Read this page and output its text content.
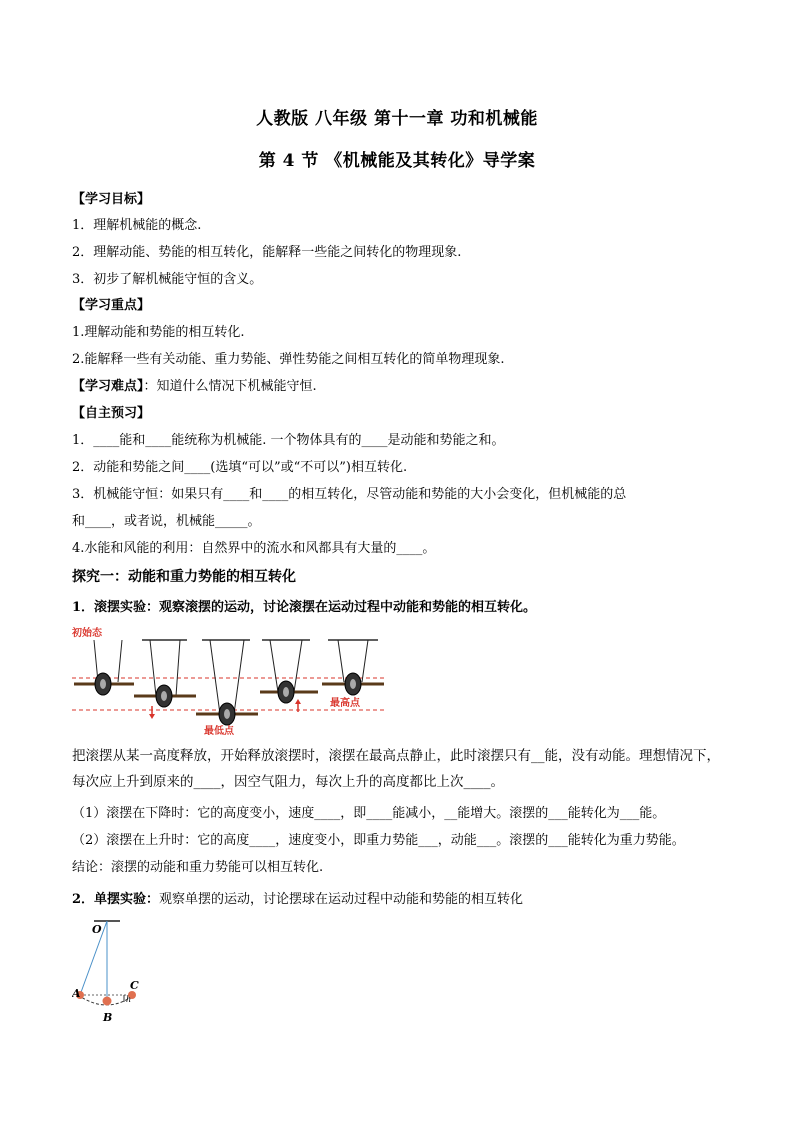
人教版 八年级 第十一章 功和机械能
第 4 节 《机械能及其转化》导学案
【学习目标】
1．理解机械能的概念.
2．理解动能、势能的相互转化，能解释一些能之间转化的物理现象.
3．初步了解机械能守恒的含义。
【学习重点】
1.理解动能和势能的相互转化.
2.能解释一些有关动能、重力势能、弹性势能之间相互转化的简单物理现象.
【学习难点】：知道什么情况下机械能守恒.
【自主预习】
1．____能和____能统称为机械能. 一个物体具有的____是动能和势能之和。
2．动能和势能之间____(选填“可以”或“不可以”)相互转化.
3．机械能守恒：如果只有____和____的相互转化，尽管动能和势能的大小会变化，但机械能的总
和____，或者说，机械能_____。
4.水能和风能的利用：自然界中的流水和风都具有大量的____。
探究一：动能和重力势能的相互转化
1．滚摆实验：观察滚摆的运动，讨论滚摆在运动过程中动能和势能的相互转化。
初始态
最低点
最高点
把滚摆从某一高度释放，开始释放滚摆时，滚摆在最高点静止，此时滚摆只有__能，没有动能。理想情况下，每次应上升到原来的____，因空气阻力，每次上升的高度都比上次____。
（1）滚摆在下降时：它的高度变小，速度____，即____能减小，__能增大。滚摆的___能转化为___能。
（2）滚摆在上升时：它的高度____，速度变小，即重力势能___，动能___。滚摆的___能转化为重力势能。
结论：滚摆的动能和重力势能可以相互转化.
2．单摆实验：观察单摆的运动，讨论摆球在运动过程中动能和势能的相互转化
O
A
B
C
h
